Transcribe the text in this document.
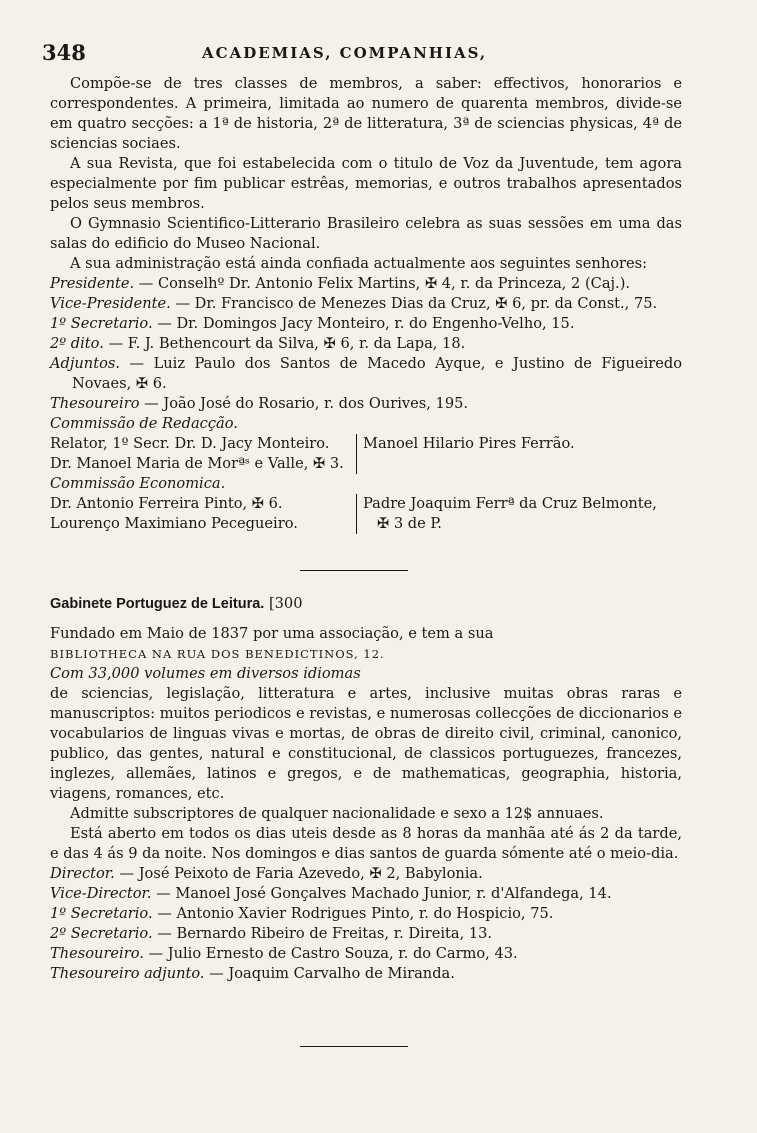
348	ACADEMIAS, COMPANHIAS,

Compõe-se de tres classes de membros, a saber: effectivos, honorarios e correspondentes. A primeira, limitada ao numero de quarenta membros, divide-se em quatro secções: a 1ª de historia, 2ª de litteratura, 3ª de sciencias physicas, 4ª de sciencias sociaes.

A sua Revista, que foi estabelecida com o titulo de Voz da Juventude, tem agora especialmente por fim publicar estrêas, memorias, e outros trabalhos apresentados pelos seus membros.

O Gymnasio Scientifico-Litterario Brasileiro celebra as suas sessões em uma das salas do edificio do Museo Nacional.

A sua administração está ainda confiada actualmente aos seguintes senhores:

Presidente. — Conselhº Dr. Antonio Felix Martins, ✠ 4, r. da Princeza, 2 (Caj.).

Vice-Presidente. — Dr. Francisco de Menezes Dias da Cruz, ✠ 6, pr. da Const., 75.

1º Secretario. — Dr. Domingos Jacy Monteiro, r. do Engenho-Velho, 15.

2º dito. — F. J. Bethencourt da Silva, ✠ 6, r. da Lapa, 18.

Adjuntos. — Luiz Paulo dos Santos de Macedo Ayque, e Justino de Figueiredo Novaes, ✠ 6.

Thesoureiro — João José do Rosario, r. dos Ourives, 195.

Commissão de Redacção.

Relator, 1º Secr. Dr. D. Jacy Monteiro.
Dr. Manoel Maria de Morªˢ e Valle, ✠ 3.
Manoel Hilario Pires Ferrão.

Commissão Economica.

Dr. Antonio Ferreira Pinto, ✠ 6.
Lourenço Maximiano Pecegueiro.
Padre Joaquim Ferrª da Cruz Belmonte,
✠ 3 de P.

Gabinete Portuguez de Leitura. [300

Fundado em Maio de 1837 por uma associação, e tem a sua

BIBLIOTHECA NA RUA DOS BENEDICTINOS, 12.

Com 33,000 volumes em diversos idiomas

de sciencias, legislação, litteratura e artes, inclusive muitas obras raras e manuscriptos: muitos periodicos e revistas, e numerosas collecções de diccionarios e vocabularios de linguas vivas e mortas, de obras de direito civil, criminal, canonico, publico, das gentes, natural e constitucional, de classicos portuguezes, francezes, inglezes, allemães, latinos e gregos, e de mathematicas, geographia, historia, viagens, romances, etc.

Admitte subscriptores de qualquer nacionalidade e sexo a 12$ annuaes.

Está aberto em todos os dias uteis desde as 8 horas da manhãa até ás 2 da tarde, e das 4 ás 9 da noite. Nos domingos e dias santos de guarda sómente até o meio-dia.

Director. — José Peixoto de Faria Azevedo, ✠ 2, Babylonia.

Vice-Director. — Manoel José Gonçalves Machado Junior, r. d'Alfandega, 14.

1º Secretario. — Antonio Xavier Rodrigues Pinto, r. do Hospicio, 75.

2º Secretario. — Bernardo Ribeiro de Freitas, r. Direita, 13.

Thesoureiro. — Julio Ernesto de Castro Souza, r. do Carmo, 43.

Thesoureiro adjunto. — Joaquim Carvalho de Miranda.
